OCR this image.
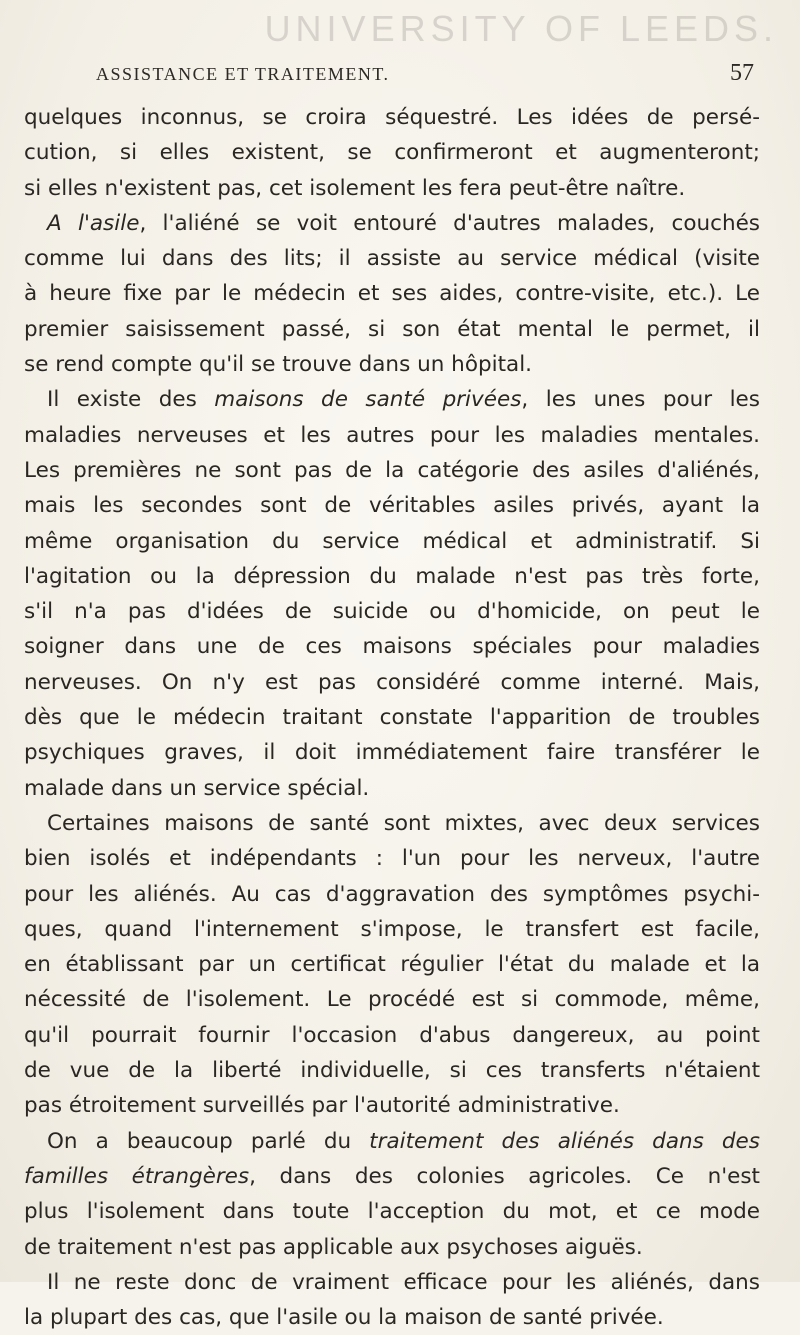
UNIVERSITY OF LEEDS.
ASSISTANCE ET TRAITEMENT.	57

quelques inconnus, se croira séquestré. Les idées de persé-

cution, si elles existent, se confirmeront et augmenteront;

si elles n'existent pas, cet isolement les fera peut-être naître.

A l'asile, l'aliéné se voit entouré d'autres malades, couchés

comme lui dans des lits; il assiste au service médical (visite

à heure fixe par le médecin et ses aides, contre-visite, etc.). Le

premier saisissement passé, si son état mental le permet, il

se rend compte qu'il se trouve dans un hôpital.

Il existe des maisons de santé privées, les unes pour les

maladies nerveuses et les autres pour les maladies mentales.

Les premières ne sont pas de la catégorie des asiles d'aliénés,

mais les secondes sont de véritables asiles privés, ayant la

même organisation du service médical et administratif. Si

l'agitation ou la dépression du malade n'est pas très forte,

s'il n'a pas d'idées de suicide ou d'homicide, on peut le

soigner dans une de ces maisons spéciales pour maladies

nerveuses. On n'y est pas considéré comme interné. Mais,

dès que le médecin traitant constate l'apparition de troubles

psychiques graves, il doit immédiatement faire transférer le

malade dans un service spécial.

Certaines maisons de santé sont mixtes, avec deux services

bien isolés et indépendants : l'un pour les nerveux, l'autre

pour les aliénés. Au cas d'aggravation des symptômes psychi-

ques, quand l'internement s'impose, le transfert est facile,

en établissant par un certificat régulier l'état du malade et la

nécessité de l'isolement. Le procédé est si commode, même,

qu'il pourrait fournir l'occasion d'abus dangereux, au point

de vue de la liberté individuelle, si ces transferts n'étaient

pas étroitement surveillés par l'autorité administrative.

On a beaucoup parlé du traitement des aliénés dans des

familles étrangères, dans des colonies agricoles. Ce n'est

plus l'isolement dans toute l'acception du mot, et ce mode

de traitement n'est pas applicable aux psychoses aiguës.

Il ne reste donc de vraiment efficace pour les aliénés, dans

la plupart des cas, que l'asile ou la maison de santé privée.
